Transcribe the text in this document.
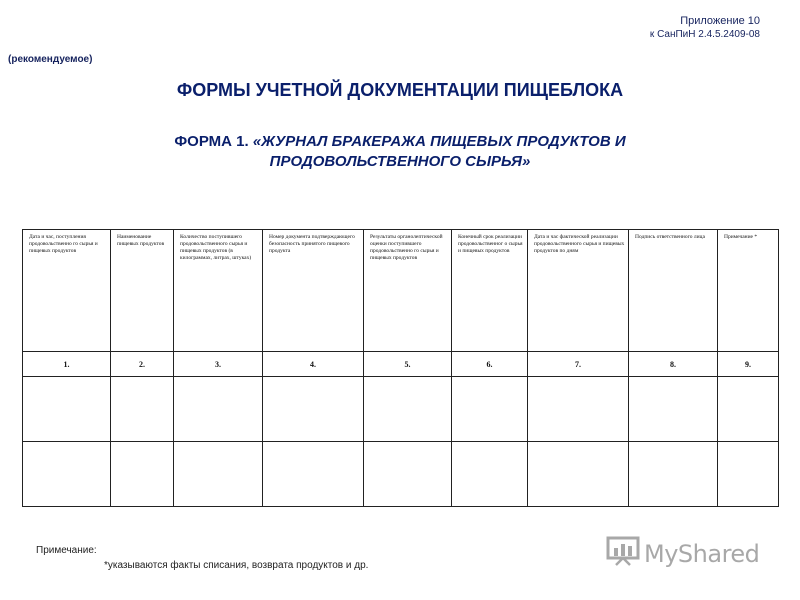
Приложение 10
к СанПиН 2.4.5.2409-08
(рекомендуемое)
ФОРМЫ УЧЕТНОЙ ДОКУМЕНТАЦИИ ПИЩЕБЛОКА
ФОРМА 1. «ЖУРНАЛ БРАКЕРАЖА ПИЩЕВЫХ ПРОДУКТОВ И
ПРОДОВОЛЬСТВЕННОГО СЫРЬЯ»
Дата и час, поступления продовольственно го сырья и пищевых продуктов	Наименование пищевых продуктов	Количество поступившего продовольственного сырья и пищевых продуктов (в килограммах, литрах, штуках)	Номер документа подтверждающего безопасность принятого пищевого продукта	Результаты органолептической оценки поступившего продовольственно го сырья и пищевых продуктов	Конечный срок реализации продовольственног о сырья и пищевых продуктов	Дата и час фактической реализации продовольственного сырья и пищевых продуктов по дням	Подпись ответственного лица	Примечание *
1.	2.	3.	4.	5.	6.	7.	8.	9.

Примечание:
*указываются факты списания, возврата продуктов и др.	MyShared
